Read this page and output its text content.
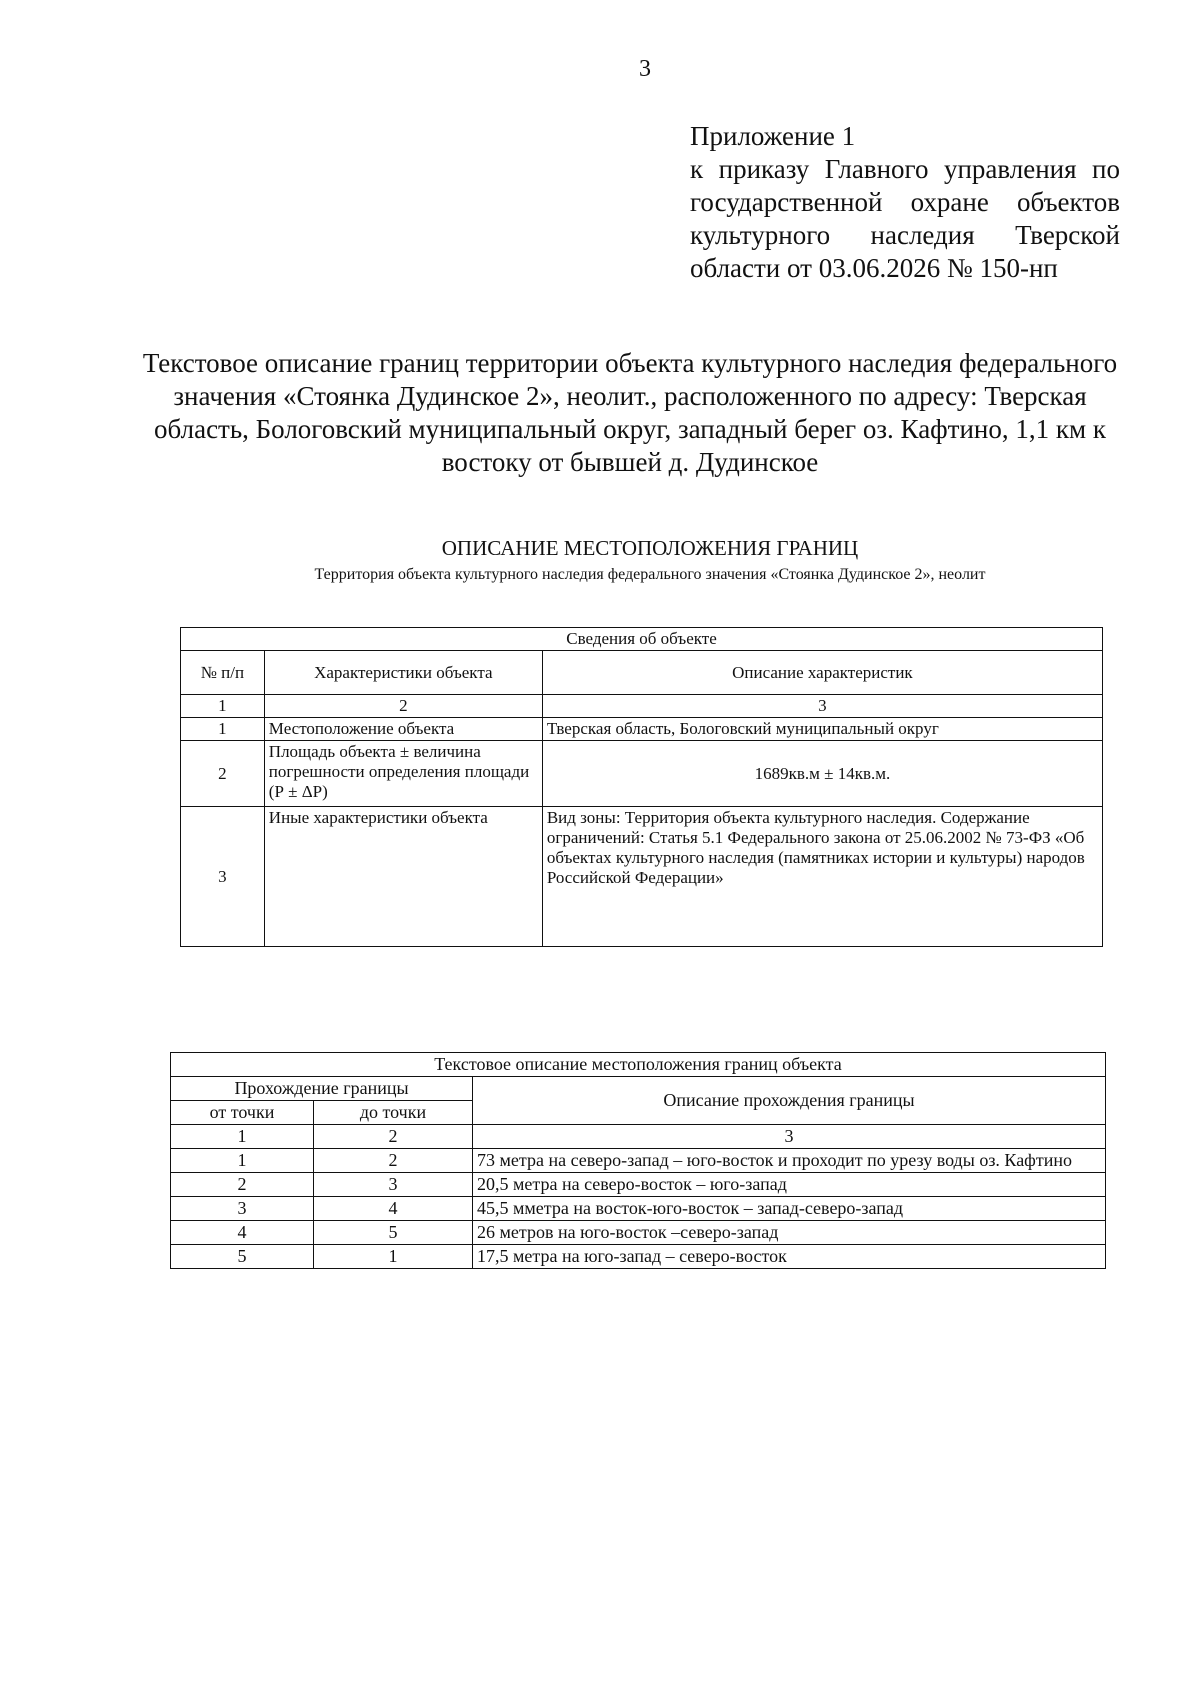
3
Приложение 1
к приказу Главного управления по государственной охране объектов культурного наследия Тверской области от 03.06.2026 № 150-нп
Текстовое описание границ территории объекта культурного наследия федерального значения «Стоянка Дудинское 2», неолит., расположенного по адресу: Тверская область, Бологовский муниципальный округ, западный берег оз. Кафтино, 1,1 км к востоку от бывшей д. Дудинское
ОПИСАНИЕ МЕСТОПОЛОЖЕНИЯ ГРАНИЦ
Территория объекта культурного наследия федерального значения «Стоянка Дудинское 2», неолит
Сведения об объекте		
№ п/п	Характеристики объекта	Описание характеристик
1	2	3
1	Местоположение объекта	Тверская область, Бологовский муниципальный округ
2	Площадь объекта ± величина погрешности определения площади (Р ± ΔР)	1689кв.м ± 14кв.м.
3	Иные характеристики объекта	Вид зоны: Территория объекта культурного наследия. Содержание ограничений: Статья 5.1 Федерального закона от 25.06.2002 № 73-ФЗ «Об объектах культурного наследия (памятниках истории и культуры) народов Российской Федерации»
Текстовое описание местоположения границ объекта		
Прохождение границы		Описание прохождения границы
от точки	до точки	
1	2	3
1	2	73 метра на северо-запад – юго-восток и проходит по урезу воды оз. Кафтино
2	3	20,5 метра на северо-восток – юго-запад
3	4	45,5 мметра на восток-юго-восток – запад-северо-запад
4	5	26 метров на юго-восток –северо-запад
5	1	17,5 метра на юго-запад – северо-восток
